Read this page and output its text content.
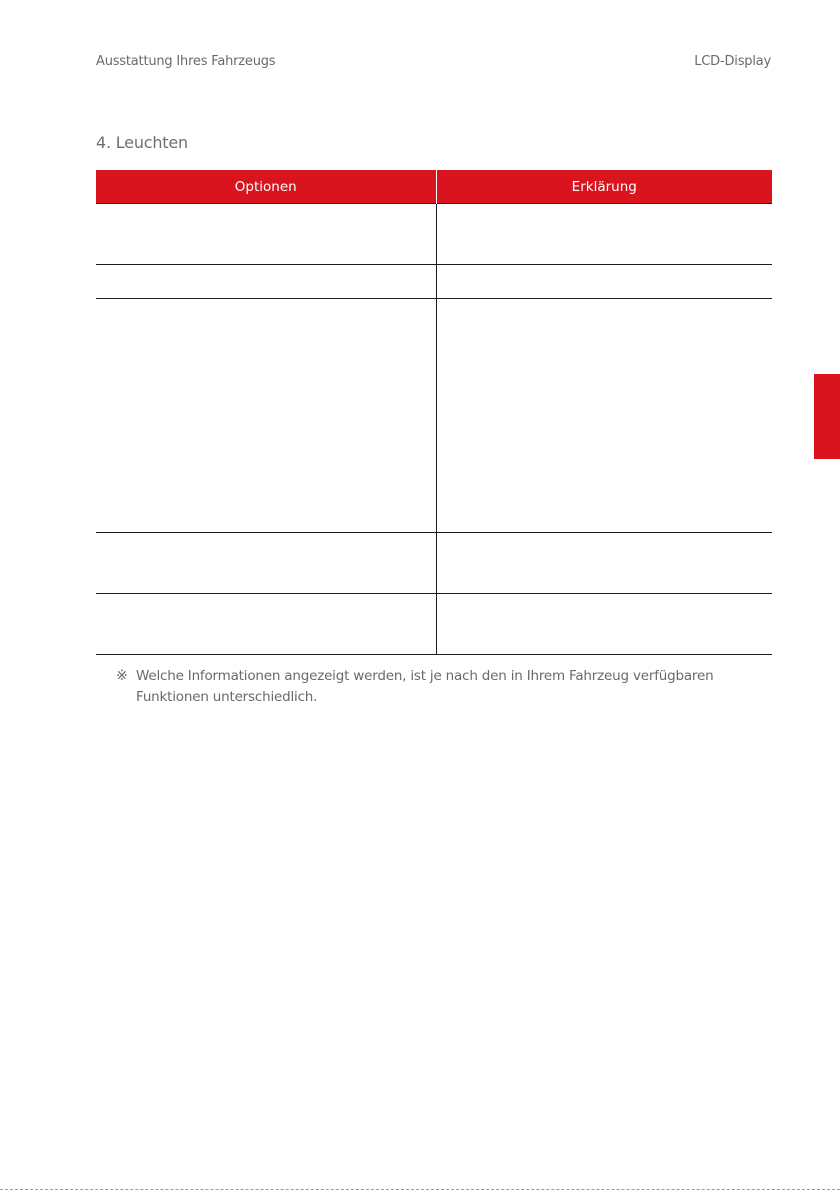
Ausstattung Ihres Fahrzeugs	LCD-Display
4. Leuchten
Optionen	Erklärung

※ Welche Informationen angezeigt werden, ist je nach den in Ihrem Fahrzeug verfügbaren Funktionen unterschiedlich.
4
